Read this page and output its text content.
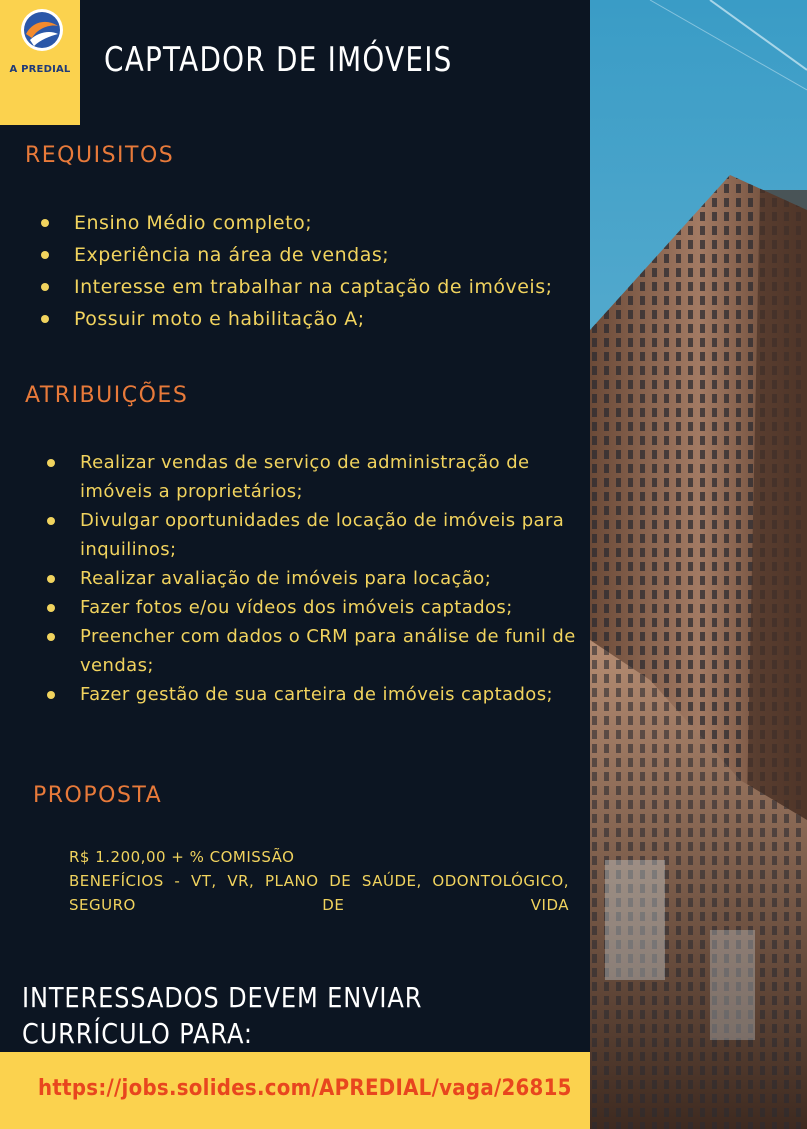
A PREDIAL CAPTADOR DE IMÓVEIS
REQUISITOS
Ensino Médio completo;
Experiência na área de vendas;
Interesse em trabalhar na captação de imóveis;
Possuir moto e habilitação A;
ATRIBUIÇÕES
Realizar vendas de serviço de administração de imóveis a proprietários;
Divulgar oportunidades de locação de imóveis para inquilinos;
Realizar avaliação de imóveis para locação;
Fazer fotos e/ou vídeos dos imóveis captados;
Preencher com dados o CRM para análise de funil de vendas;
Fazer gestão de sua carteira de imóveis captados;
PROPOSTA
R$ 1.200,00 + % COMISSÃO
BENEFÍCIOS - VT, VR, PLANO DE SAÚDE, ODONTOLÓGICO, SEGURO DE VIDA
INTERESSADOS DEVEM ENVIAR
CURRÍCULO PARA:
https://jobs.solides.com/APREDIAL/vaga/26815
